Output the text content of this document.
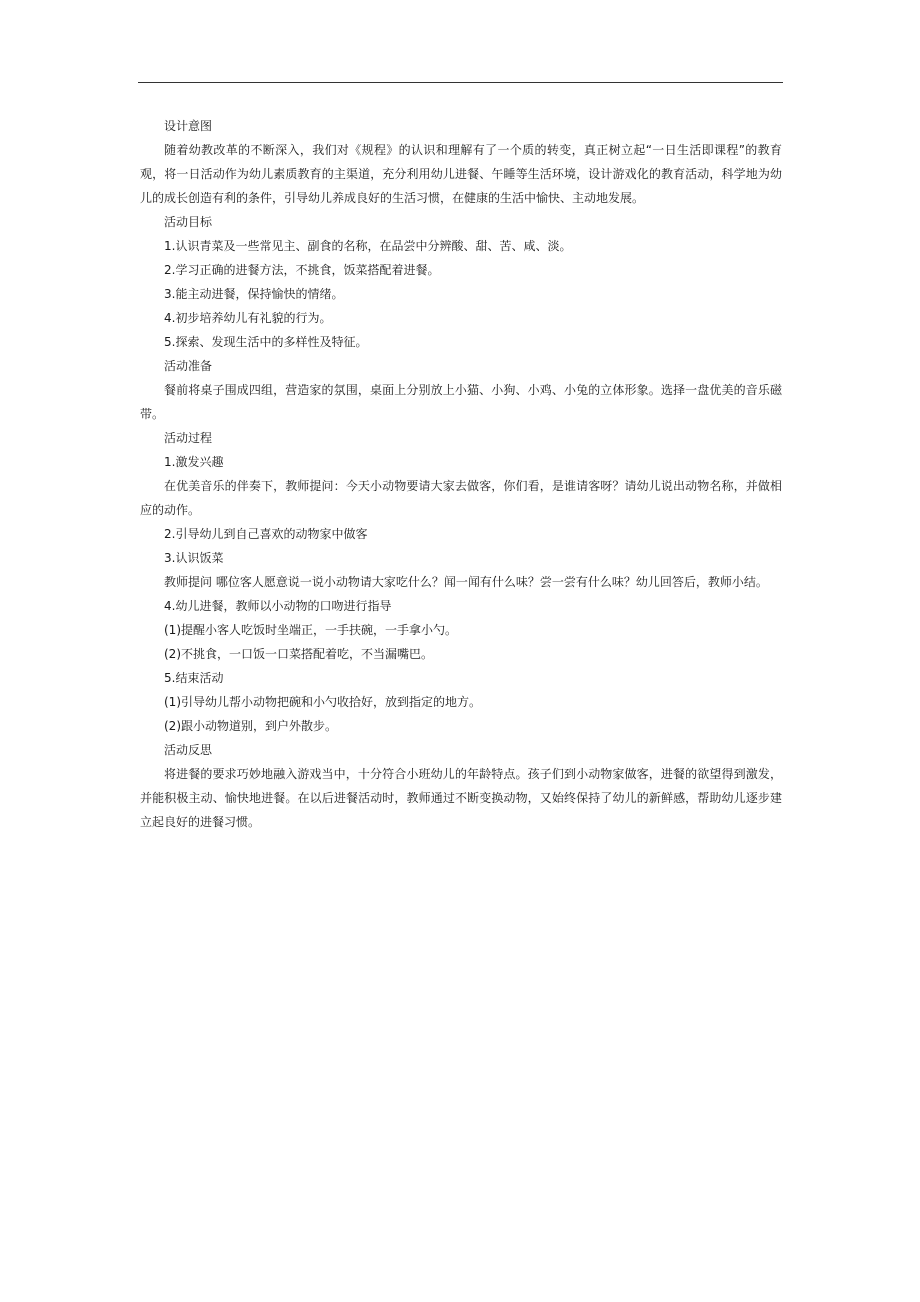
设计意图

随着幼教改革的不断深入，我们对《规程》的认识和理解有了一个质的转变，真正树立起“一日生活即课程”的教育观，将一日活动作为幼儿素质教育的主渠道，充分利用幼儿进餐、午睡等生活环境，设计游戏化的教育活动，科学地为幼儿的成长创造有利的条件，引导幼儿养成良好的生活习惯，在健康的生活中愉快、主动地发展。

活动目标

1.认识青菜及一些常见主、副食的名称，在品尝中分辨酸、甜、苦、咸、淡。

2.学习正确的进餐方法，不挑食，饭菜搭配着进餐。

3.能主动进餐，保持愉快的情绪。

4.初步培养幼儿有礼貌的行为。

5.探索、发现生活中的多样性及特征。

活动准备

餐前将桌子围成四组，营造家的氛围，桌面上分别放上小猫、小狗、小鸡、小兔的立体形象。选择一盘优美的音乐磁带。

活动过程

1.激发兴趣

在优美音乐的伴奏下，教师提问：今天小动物要请大家去做客，你们看，是谁请客呀？请幼儿说出动物名称，并做相应的动作。

2.引导幼儿到自己喜欢的动物家中做客

3.认识饭菜

教师提问 哪位客人愿意说一说小动物请大家吃什么？闻一闻有什么味？尝一尝有什么味？幼儿回答后，教师小结。

4.幼儿进餐，教师以小动物的口吻进行指导

(1)提醒小客人吃饭时坐端正，一手扶碗，一手拿小勺。

(2)不挑食，一口饭一口菜搭配着吃，不当漏嘴巴。

5.结束活动

(1)引导幼儿帮小动物把碗和小勺收拾好，放到指定的地方。

(2)跟小动物道别，到户外散步。

活动反思

将进餐的要求巧妙地融入游戏当中，十分符合小班幼儿的年龄特点。孩子们到小动物家做客，进餐的欲望得到激发，并能积极主动、愉快地进餐。在以后进餐活动时，教师通过不断变换动物，又始终保持了幼儿的新鲜感，帮助幼儿逐步建立起良好的进餐习惯。
